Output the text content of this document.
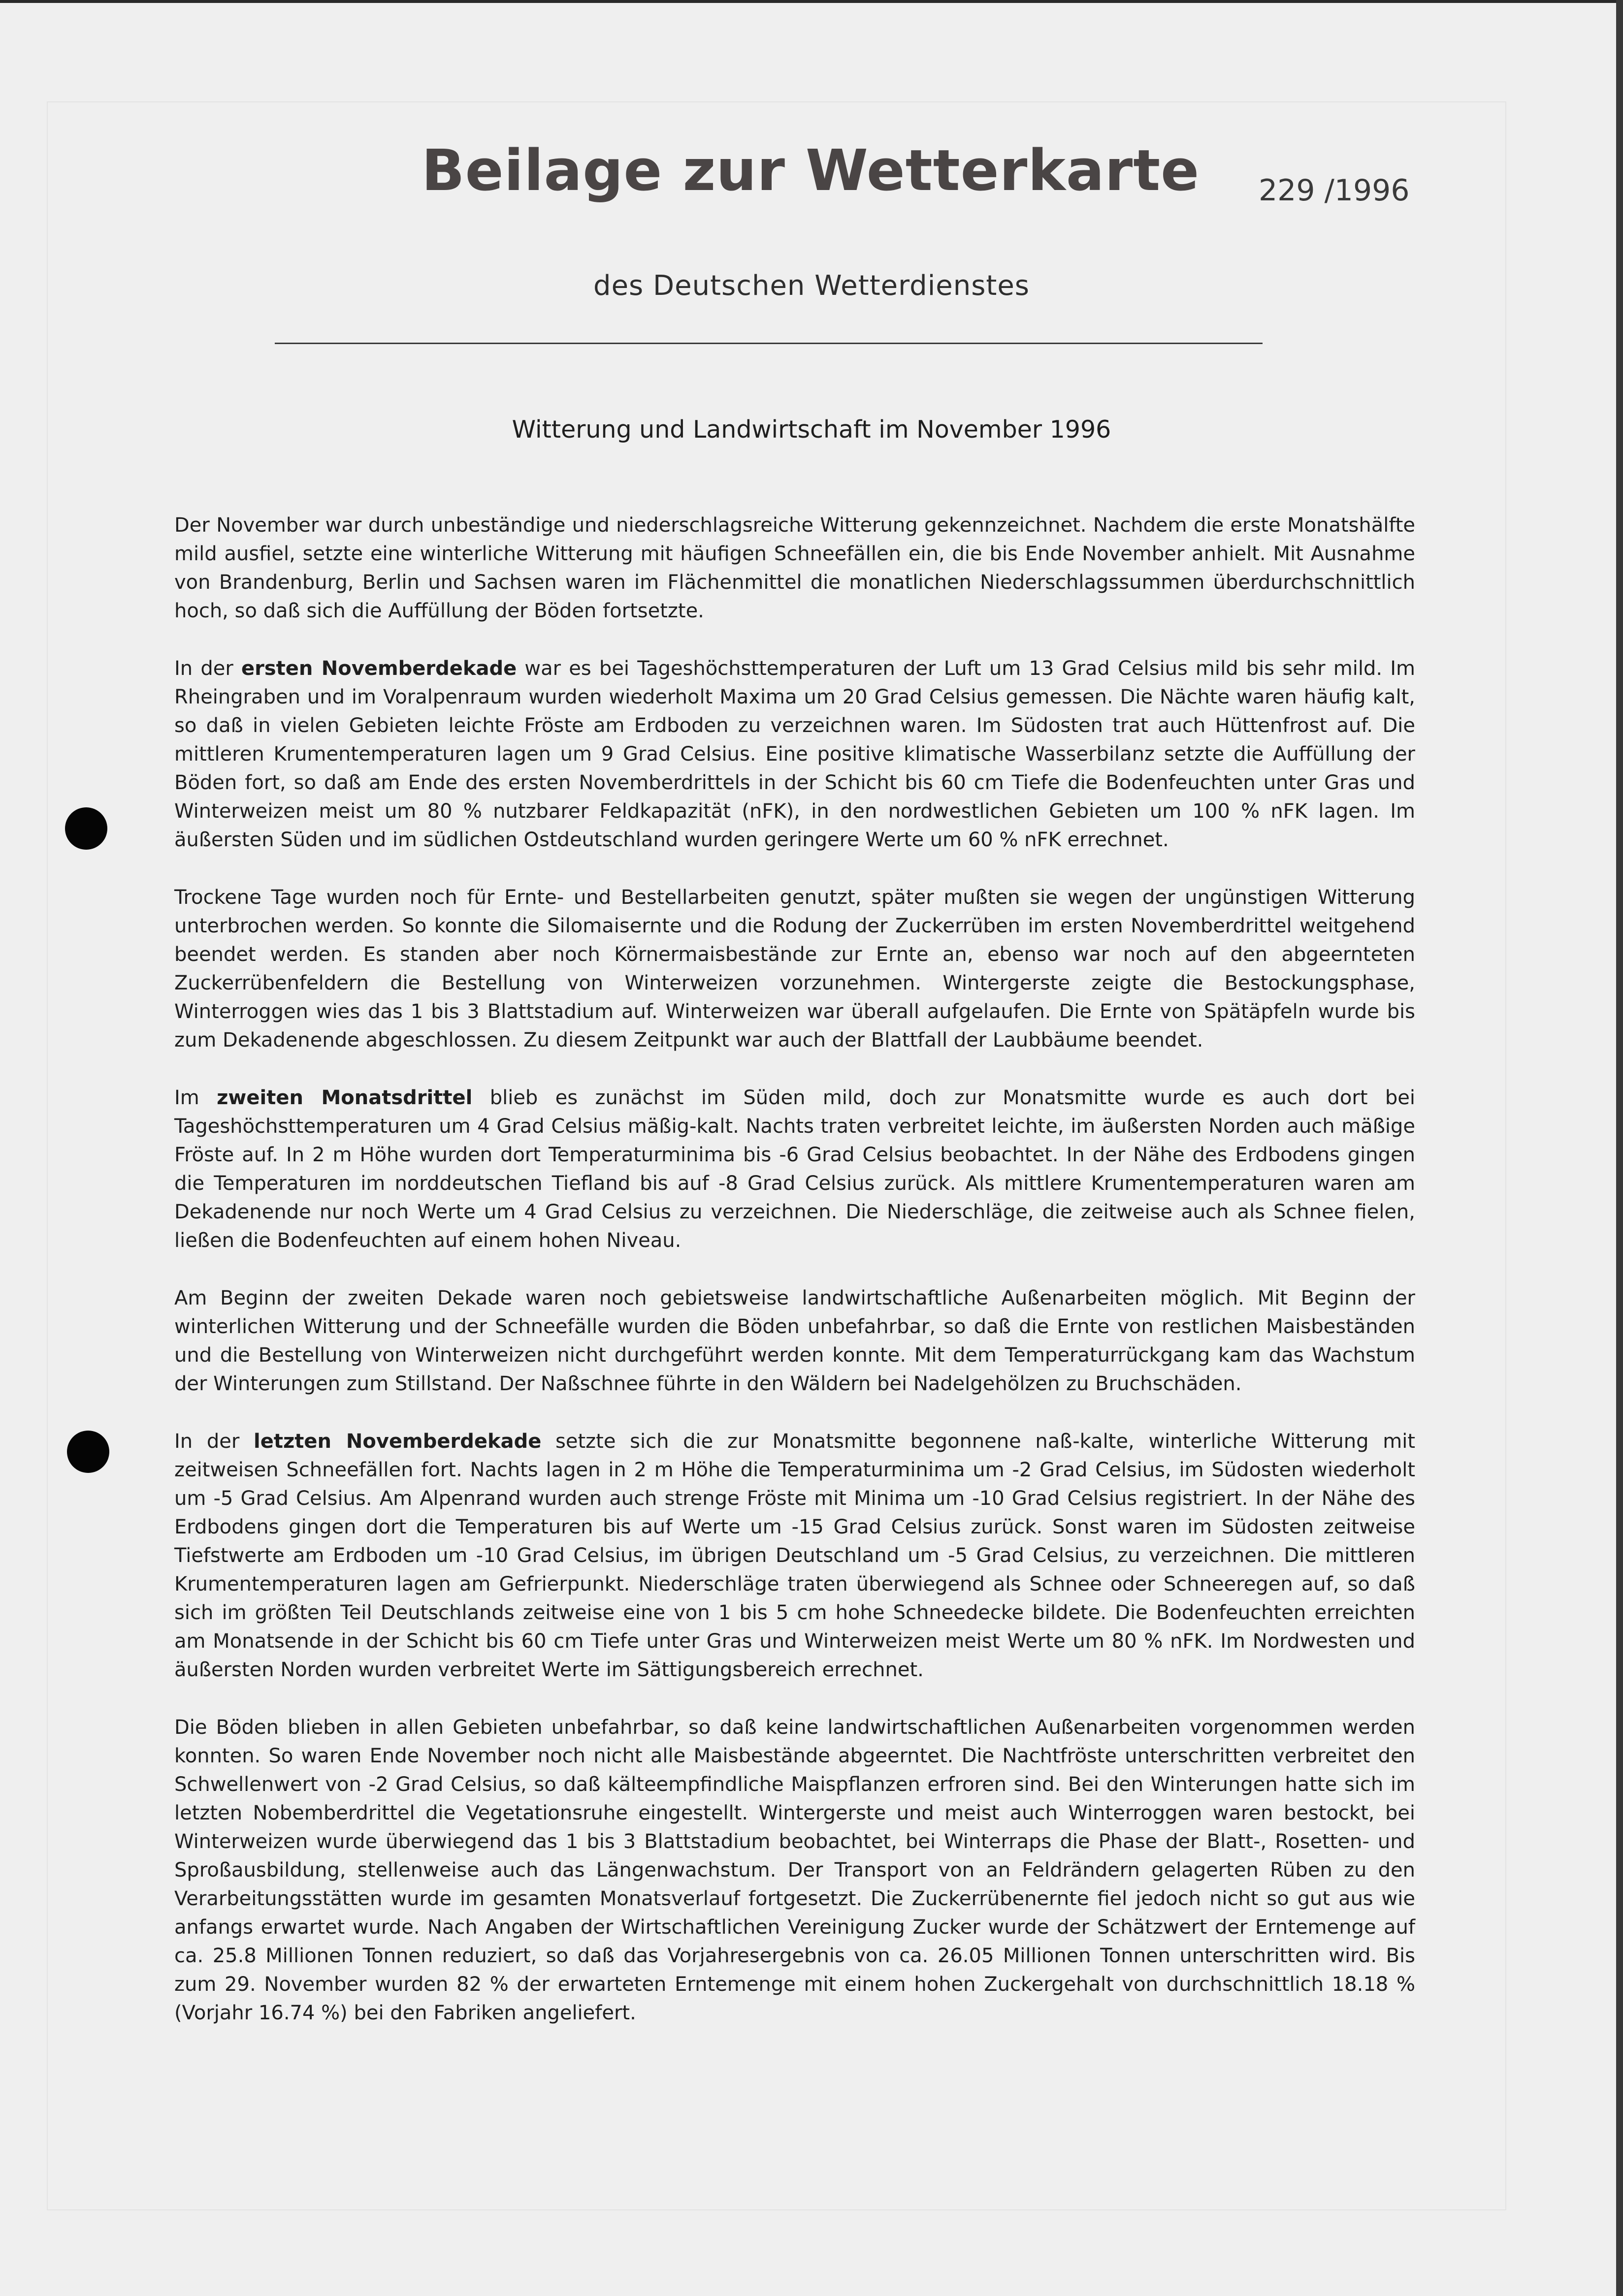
Beilage zur Wetterkarte 229 /1996
des Deutschen Wetterdienstes
Witterung und Landwirtschaft im November 1996

Der November war durch unbeständige und niederschlagsreiche Witterung gekennzeichnet. Nachdem die erste Monatshälfte mild ausfiel, setzte eine winterliche Witterung mit häufigen Schneefällen ein, die bis Ende November anhielt. Mit Ausnahme von Brandenburg, Berlin und Sachsen waren im Flächenmittel die monatlichen Niederschlagssummen überdurchschnittlich hoch, so daß sich die Auffüllung der Böden fortsetzte.

In der ersten Novemberdekade war es bei Tageshöchsttemperaturen der Luft um 13 Grad Celsius mild bis sehr mild. Im Rheingraben und im Voralpenraum wurden wiederholt Maxima um 20 Grad Celsius gemessen. Die Nächte waren häufig kalt, so daß in vielen Gebieten leichte Fröste am Erdboden zu verzeichnen waren. Im Südosten trat auch Hüttenfrost auf. Die mittleren Krumentemperaturen lagen um 9 Grad Celsius. Eine positive klimatische Wasserbilanz setzte die Auffüllung der Böden fort, so daß am Ende des ersten Novemberdrittels in der Schicht bis 60 cm Tiefe die Bodenfeuchten unter Gras und Winterweizen meist um 80 % nutzbarer Feldkapazität (nFK), in den nordwestlichen Gebieten um 100 % nFK lagen. Im äußersten Süden und im südlichen Ostdeutschland wurden geringere Werte um 60 % nFK errechnet.

Trockene Tage wurden noch für Ernte- und Bestellarbeiten genutzt, später mußten sie wegen der ungünstigen Witterung unterbrochen werden. So konnte die Silomaisernte und die Rodung der Zuckerrüben im ersten Novemberdrittel weitgehend beendet werden. Es standen aber noch Körnermaisbestände zur Ernte an, ebenso war noch auf den abgeernteten Zuckerrübenfeldern die Bestellung von Winterweizen vorzunehmen. Wintergerste zeigte die Bestockungsphase, Winterroggen wies das 1 bis 3 Blattstadium auf. Winterweizen war überall aufgelaufen. Die Ernte von Spätäpfeln wurde bis zum Dekadenende abgeschlossen. Zu diesem Zeitpunkt war auch der Blattfall der Laubbäume beendet.

Im zweiten Monatsdrittel blieb es zunächst im Süden mild, doch zur Monatsmitte wurde es auch dort bei Tageshöchsttemperaturen um 4 Grad Celsius mäßig-kalt. Nachts traten verbreitet leichte, im äußersten Norden auch mäßige Fröste auf. In 2 m Höhe wurden dort Temperaturminima bis -6 Grad Celsius beobachtet. In der Nähe des Erdbodens gingen die Temperaturen im norddeutschen Tiefland bis auf -8 Grad Celsius zurück. Als mittlere Krumentemperaturen waren am Dekadenende nur noch Werte um 4 Grad Celsius zu verzeichnen. Die Niederschläge, die zeitweise auch als Schnee fielen, ließen die Bodenfeuchten auf einem hohen Niveau.

Am Beginn der zweiten Dekade waren noch gebietsweise landwirtschaftliche Außenarbeiten möglich. Mit Beginn der winterlichen Witterung und der Schneefälle wurden die Böden unbefahrbar, so daß die Ernte von restlichen Maisbeständen und die Bestellung von Winterweizen nicht durchgeführt werden konnte. Mit dem Temperaturrückgang kam das Wachstum der Winterungen zum Stillstand. Der Naßschnee führte in den Wäldern bei Nadelgehölzen zu Bruchschäden.

In der letzten Novemberdekade setzte sich die zur Monatsmitte begonnene naß-kalte, winterliche Witterung mit zeitweisen Schneefällen fort. Nachts lagen in 2 m Höhe die Temperaturminima um -2 Grad Celsius, im Südosten wiederholt um -5 Grad Celsius. Am Alpenrand wurden auch strenge Fröste mit Minima um -10 Grad Celsius registriert. In der Nähe des Erdbodens gingen dort die Temperaturen bis auf Werte um -15 Grad Celsius zurück. Sonst waren im Südosten zeitweise Tiefstwerte am Erdboden um -10 Grad Celsius, im übrigen Deutschland um -5 Grad Celsius, zu verzeichnen. Die mittleren Krumentemperaturen lagen am Gefrierpunkt. Niederschläge traten überwiegend als Schnee oder Schneeregen auf, so daß sich im größten Teil Deutschlands zeitweise eine von 1 bis 5 cm hohe Schneedecke bildete. Die Bodenfeuchten erreichten am Monatsende in der Schicht bis 60 cm Tiefe unter Gras und Winterweizen meist Werte um 80 % nFK. Im Nordwesten und äußersten Norden wurden verbreitet Werte im Sättigungsbereich errechnet.

Die Böden blieben in allen Gebieten unbefahrbar, so daß keine landwirtschaftlichen Außenarbeiten vorgenommen werden konnten. So waren Ende November noch nicht alle Maisbestände abgeerntet. Die Nachtfröste unterschritten verbreitet den Schwellenwert von -2 Grad Celsius, so daß kälteempfindliche Maispflanzen erfroren sind. Bei den Winterungen hatte sich im letzten Nobemberdrittel die Vegetationsruhe eingestellt. Wintergerste und meist auch Winterroggen waren bestockt, bei Winterweizen wurde überwiegend das 1 bis 3 Blattstadium beobachtet, bei Winterraps die Phase der Blatt-, Rosetten- und Sproßausbildung, stellenweise auch das Längenwachstum. Der Transport von an Feldrändern gelagerten Rüben zu den Verarbeitungsstätten wurde im gesamten Monatsverlauf fortgesetzt. Die Zuckerrübenernte fiel jedoch nicht so gut aus wie anfangs erwartet wurde. Nach Angaben der Wirtschaftlichen Vereinigung Zucker wurde der Schätzwert der Erntemenge auf ca. 25.8 Millionen Tonnen reduziert, so daß das Vorjahresergebnis von ca. 26.05 Millionen Tonnen unterschritten wird. Bis zum 29. November wurden 82 % der erwarteten Erntemenge mit einem hohen Zuckergehalt von durchschnittlich 18.18 % (Vorjahr 16.74 %) bei den Fabriken angeliefert.
